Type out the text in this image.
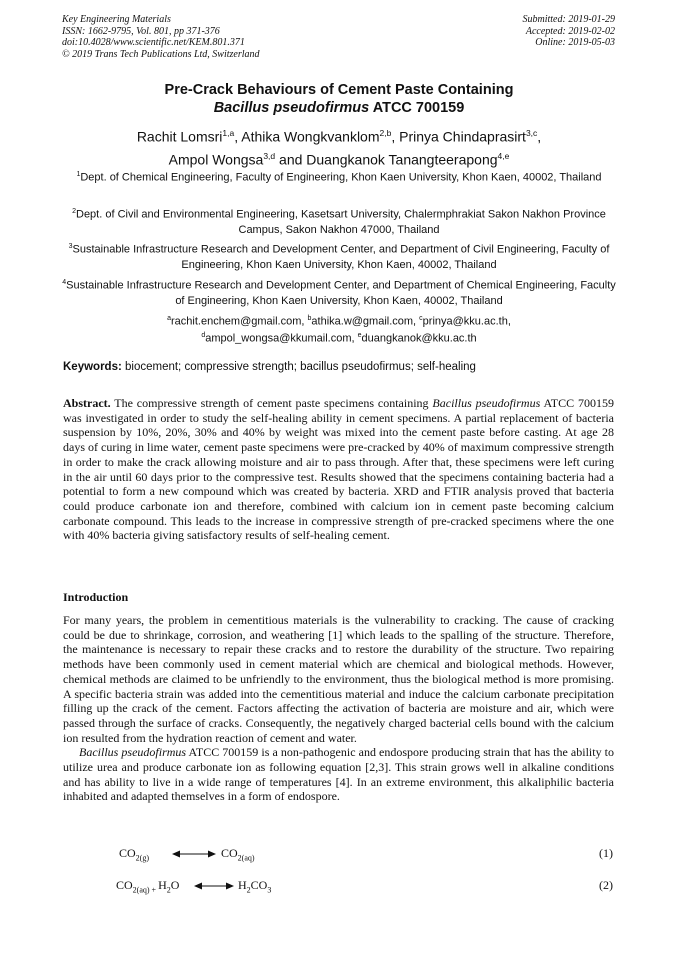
Key Engineering Materials
ISSN: 1662-9795, Vol. 801, pp 371-376
doi:10.4028/www.scientific.net/KEM.801.371
© 2019 Trans Tech Publications Ltd, Switzerland
Submitted: 2019-01-29
Accepted: 2019-02-02
Online: 2019-05-03
Pre-Crack Behaviours of Cement Paste Containing
Bacillus pseudofirmus ATCC 700159
Rachit Lomsri$^{1,a}$, Athika Wongkvanklom$^{2,b}$, Prinya Chindaprasirt$^{3,c}$,
Ampol Wongsa$^{3,d}$ and Duangkanok Tanangteerapong$^{4,e}$
$^1$Dept. of Chemical Engineering, Faculty of Engineering, Khon Kaen University, Khon Kaen, 40002, Thailand
$^2$Dept. of Civil and Environmental Engineering, Kasetsart University, Chalermphrakiat Sakon Nakhon Province Campus, Sakon Nakhon 47000, Thailand
$^3$Sustainable Infrastructure Research and Development Center, and Department of Civil Engineering, Faculty of Engineering, Khon Kaen University, Khon Kaen, 40002, Thailand
$^4$Sustainable Infrastructure Research and Development Center, and Department of Chemical Engineering, Faculty of Engineering, Khon Kaen University, Khon Kaen, 40002, Thailand
$^a$rachit.enchem@gmail.com, $^b$athika.w@gmail.com, $^c$prinya@kku.ac.th,
$^d$ampol_wongsa@kkumail.com, $^e$duangkanok@kku.ac.th
Keywords: biocement; compressive strength; bacillus pseudofirmus; self-healing
Abstract. The compressive strength of cement paste specimens containing Bacillus pseudofirmus ATCC 700159 was investigated in order to study the self-healing ability in cement specimens. A partial replacement of bacteria suspension by 10%, 20%, 30% and 40% by weight was mixed into the cement paste before casting. At age 28 days of curing in lime water, cement paste specimens were pre-cracked by 40% of maximum compressive strength in order to make the crack allowing moisture and air to pass through. After that, these specimens were left curing in the air until 60 days prior to the compressive test. Results showed that the specimens containing bacteria had a potential to form a new compound which was created by bacteria. XRD and FTIR analysis proved that bacteria could produce carbonate ion and therefore, combined with calcium ion in cement paste becoming calcium carbonate compound. This leads to the increase in compressive strength of pre-cracked specimens where the one with 40% bacteria giving satisfactory results of self-healing cement.
Introduction
For many years, the problem in cementitious materials is the vulnerability to cracking. The cause of cracking could be due to shrinkage, corrosion, and weathering [1] which leads to the spalling of the structure. Therefore, the maintenance is necessary to repair these cracks and to restore the durability of the structure. Two repairing methods have been commonly used in cement material which are chemical and biological methods. However, chemical methods are claimed to be unfriendly to the environment, thus the biological method is more promising. A specific bacteria strain was added into the cementitious material and induce the calcium carbonate precipitation filling up the crack of the cement. Factors affecting the activation of bacteria are moisture and air, which were passed through the surface of cracks. Consequently, the negatively charged bacterial cells bound with the calcium ion resulted from the hydration reaction of cement and water.
Bacillus pseudofirmus ATCC 700159 is a non-pathogenic and endospore producing strain that has the ability to utilize urea and produce carbonate ion as following equation [2,3]. This strain grows well in alkaline conditions and has ability to live in a wide range of temperatures [4]. In an extreme environment, this alkaliphilic bacteria inhabited and adapted themselves in a form of endospore.
$CO_{2(g)}$	$CO_{2(aq)}$	(1)
$CO_{2(aq) +}$ $H_2O$	$H_2CO_3$	(2)
